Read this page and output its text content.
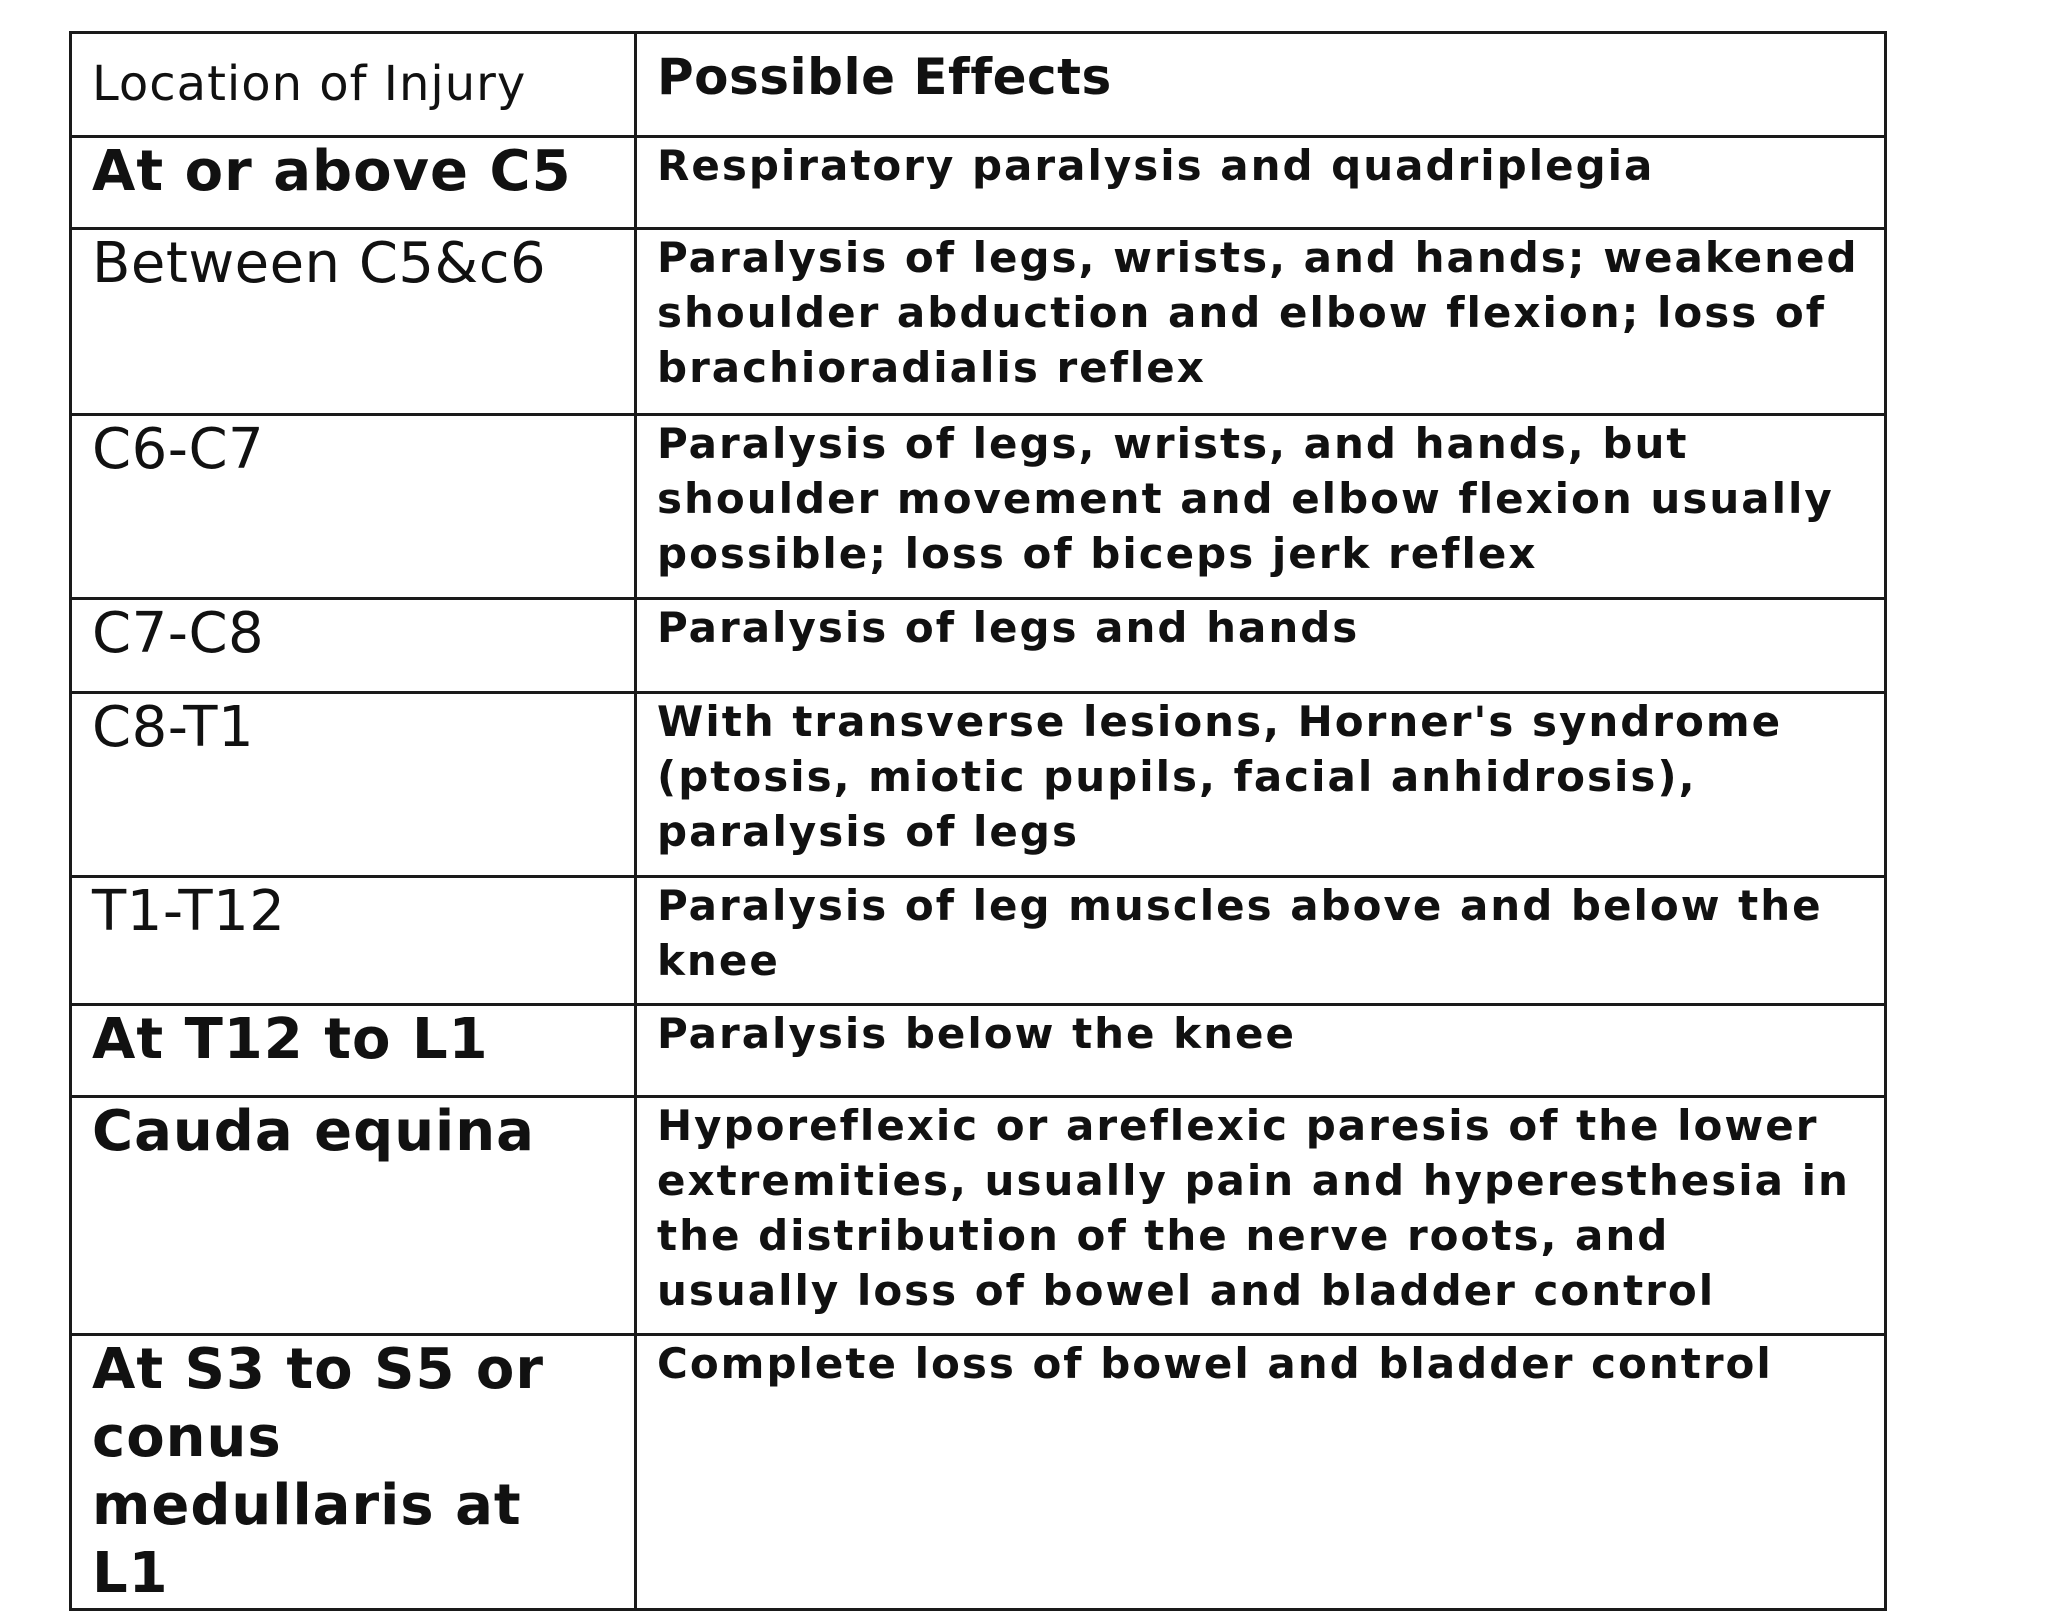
Location of Injury	Possible Effects
At or above C5	Respiratory paralysis and quadriplegia
Between C5&c6	Paralysis of legs, wrists, and hands; weakened shoulder abduction and elbow flexion; loss of brachioradialis reflex
C6-C7	Paralysis of legs, wrists, and hands, but shoulder movement and elbow flexion usually possible; loss of biceps jerk reflex
C7-C8	Paralysis of legs and hands
C8-T1	With transverse lesions, Horner's syndrome (ptosis, miotic pupils, facial anhidrosis), paralysis of legs
T1-T12	Paralysis of leg muscles above and below the knee
At T12 to L1	Paralysis below the knee
Cauda equina	Hyporeflexic or areflexic paresis of the lower extremities, usually pain and hyperesthesia in the distribution of the nerve roots, and usually loss of bowel and bladder control
At S3 to S5 or conus medullaris at L1	Complete loss of bowel and bladder control
